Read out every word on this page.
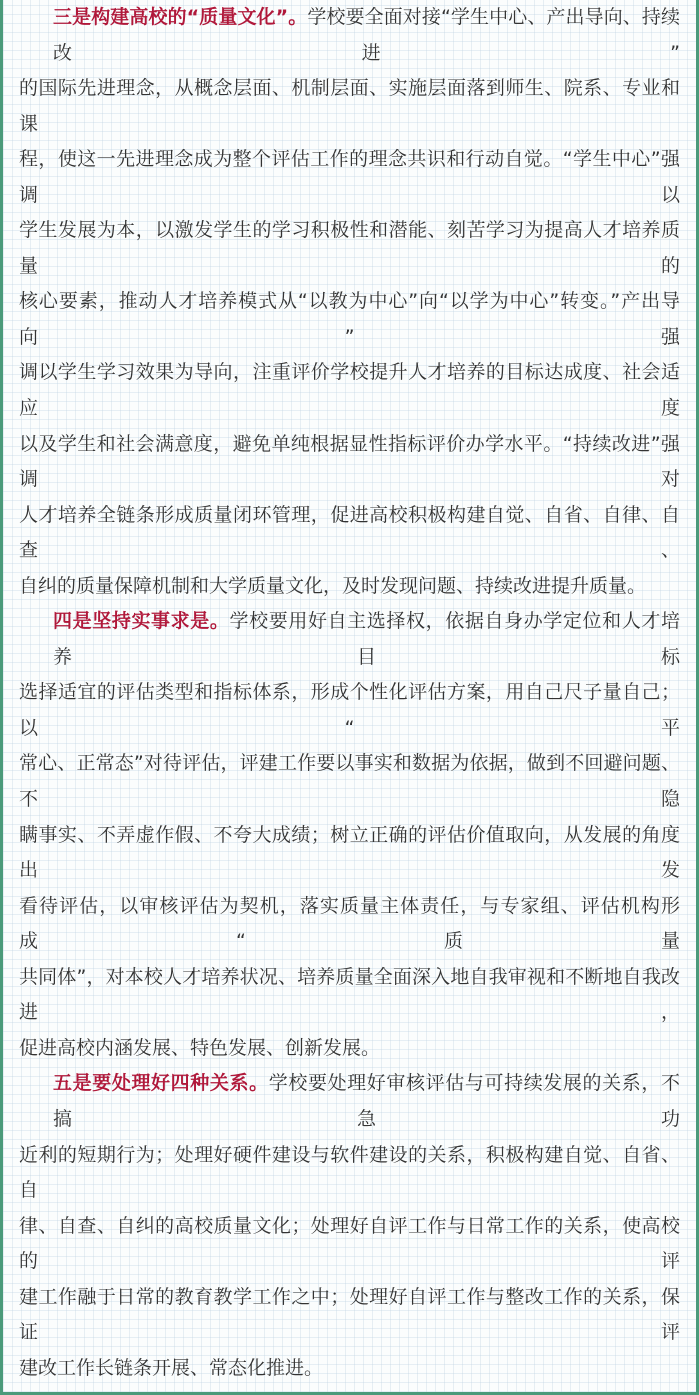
三是构建高校的“质量文化”。学校要全面对接“学生中心、产出导向、持续改进”
的国际先进理念，从概念层面、机制层面、实施层面落到师生、院系、专业和课
程，使这一先进理念成为整个评估工作的理念共识和行动自觉。“学生中心”强调以
学生发展为本，以激发学生的学习积极性和潜能、刻苦学习为提高人才培养质量的
核心要素，推动人才培养模式从“以教为中心”向“以学为中心”转变。”产出导向”强
调以学生学习效果为导向，注重评价学校提升人才培养的目标达成度、社会适应度
以及学生和社会满意度，避免单纯根据显性指标评价办学水平。“持续改进”强调对
人才培养全链条形成质量闭环管理，促进高校积极构建自觉、自省、自律、自查、
自纠的质量保障机制和大学质量文化，及时发现问题、持续改进提升质量。
四是坚持实事求是。学校要用好自主选择权，依据自身办学定位和人才培养目标
选择适宜的评估类型和指标体系，形成个性化评估方案，用自己尺子量自己；以“平
常心、正常态”对待评估，评建工作要以事实和数据为依据，做到不回避问题、不隐
瞒事实、不弄虚作假、不夸大成绩；树立正确的评估价值取向，从发展的角度出发
看待评估，以审核评估为契机，落实质量主体责任，与专家组、评估机构形成“质量
共同体”，对本校人才培养状况、培养质量全面深入地自我审视和不断地自我改进，
促进高校内涵发展、特色发展、创新发展。
五是要处理好四种关系。学校要处理好审核评估与可持续发展的关系，不搞急功
近利的短期行为；处理好硬件建设与软件建设的关系，积极构建自觉、自省、自
律、自查、自纠的高校质量文化；处理好自评工作与日常工作的关系，使高校的评
建工作融于日常的教育教学工作之中；处理好自评工作与整改工作的关系，保证评
建改工作长链条开展、常态化推进。
